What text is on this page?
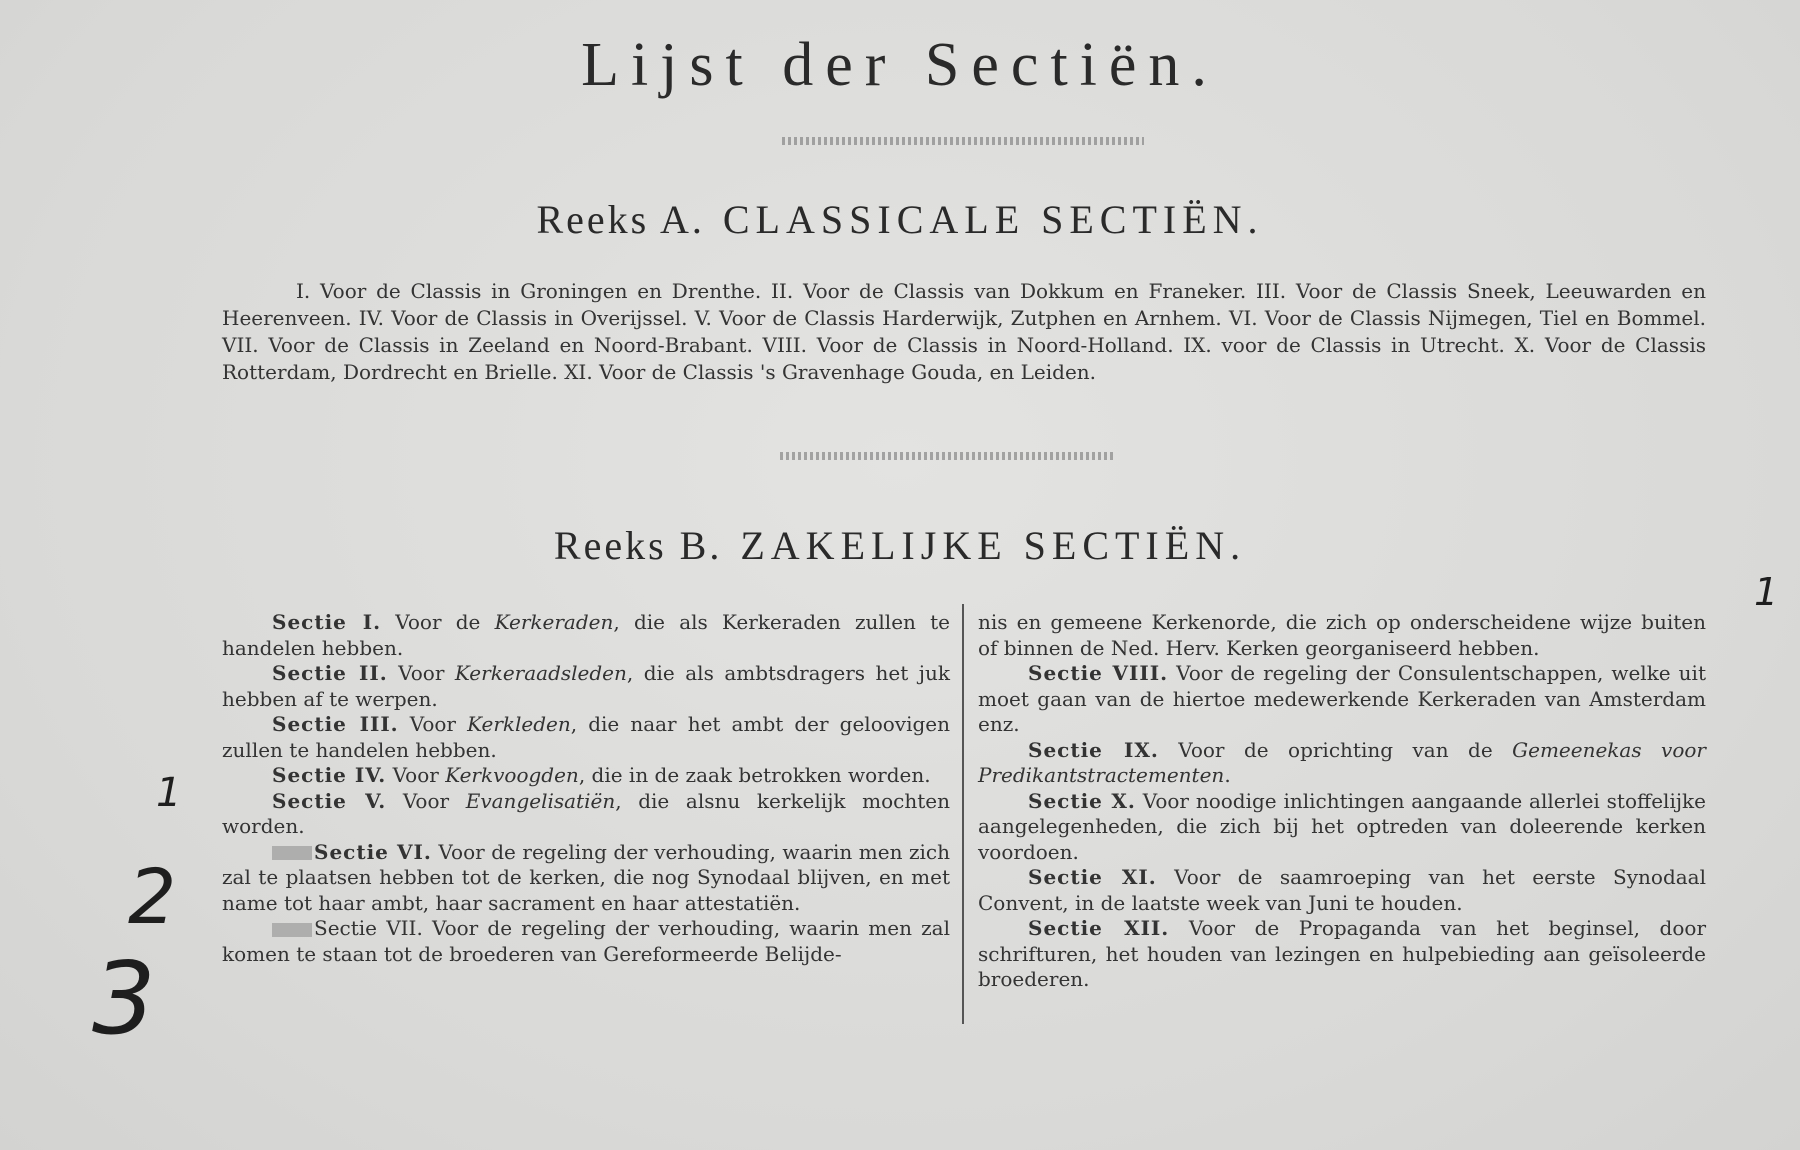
Lijst der Sectiën.
Reeks A. CLASSICALE SECTIËN.
I. Voor de Classis in Groningen en Drenthe. II. Voor de Classis van Dokkum en Franeker. III. Voor de Classis Sneek, Leeuwarden en Heerenveen. IV. Voor de Classis in Overijssel. V. Voor de Classis Harderwijk, Zutphen en Arnhem. VI. Voor de Classis Nijmegen, Tiel en Bommel. VII. Voor de Classis in Zeeland en Noord-Brabant. VIII. Voor de Classis in Noord-Holland. IX. voor de Classis in Utrecht. X. Voor de Classis Rotterdam, Dordrecht en Brielle. XI. Voor de Classis 's Gravenhage Gouda, en Leiden.
Reeks B. ZAKELIJKE SECTIËN.

Sectie I. Voor de Kerkeraden, die als Kerkeraden zullen te handelen hebben.

Sectie II. Voor Kerkeraadsleden, die als ambtsdragers het juk hebben af te werpen.

Sectie III. Voor Kerkleden, die naar het ambt der geloovigen zullen te handelen hebben.

Sectie IV. Voor Kerkvoogden, die in de zaak betrokken worden.

Sectie V. Voor Evangelisatiën, die alsnu kerkelijk mochten worden.

Sectie VI. Voor de regeling der verhouding, waarin men zich zal te plaatsen hebben tot de kerken, die nog Synodaal blijven, en met name tot haar ambt, haar sacrament en haar attestatiën.

Sectie VII. Voor de regeling der verhouding, waarin men zal komen te staan tot de broederen van Gereformeerde Belijde-

nis en gemeene Kerkenorde, die zich op onderscheidene wijze buiten of binnen de Ned. Herv. Kerken georganiseerd hebben.

Sectie VIII. Voor de regeling der Consulentschappen, welke uit moet gaan van de hiertoe medewerkende Kerkeraden van Amsterdam enz.

Sectie IX. Voor de oprichting van de Gemeenekas voor Predikantstractementen.

Sectie X. Voor noodige inlichtingen aangaande allerlei stoffelijke aangelegenheden, die zich bij het optreden van doleerende kerken voordoen.

Sectie XI. Voor de saamroeping van het eerste Synodaal Convent, in de laatste week van Juni te houden.

Sectie XII. Voor de Propaganda van het beginsel, door schrifturen, het houden van lezingen en hulpebieding aan geïsoleerde broederen.

1
2
3
1
